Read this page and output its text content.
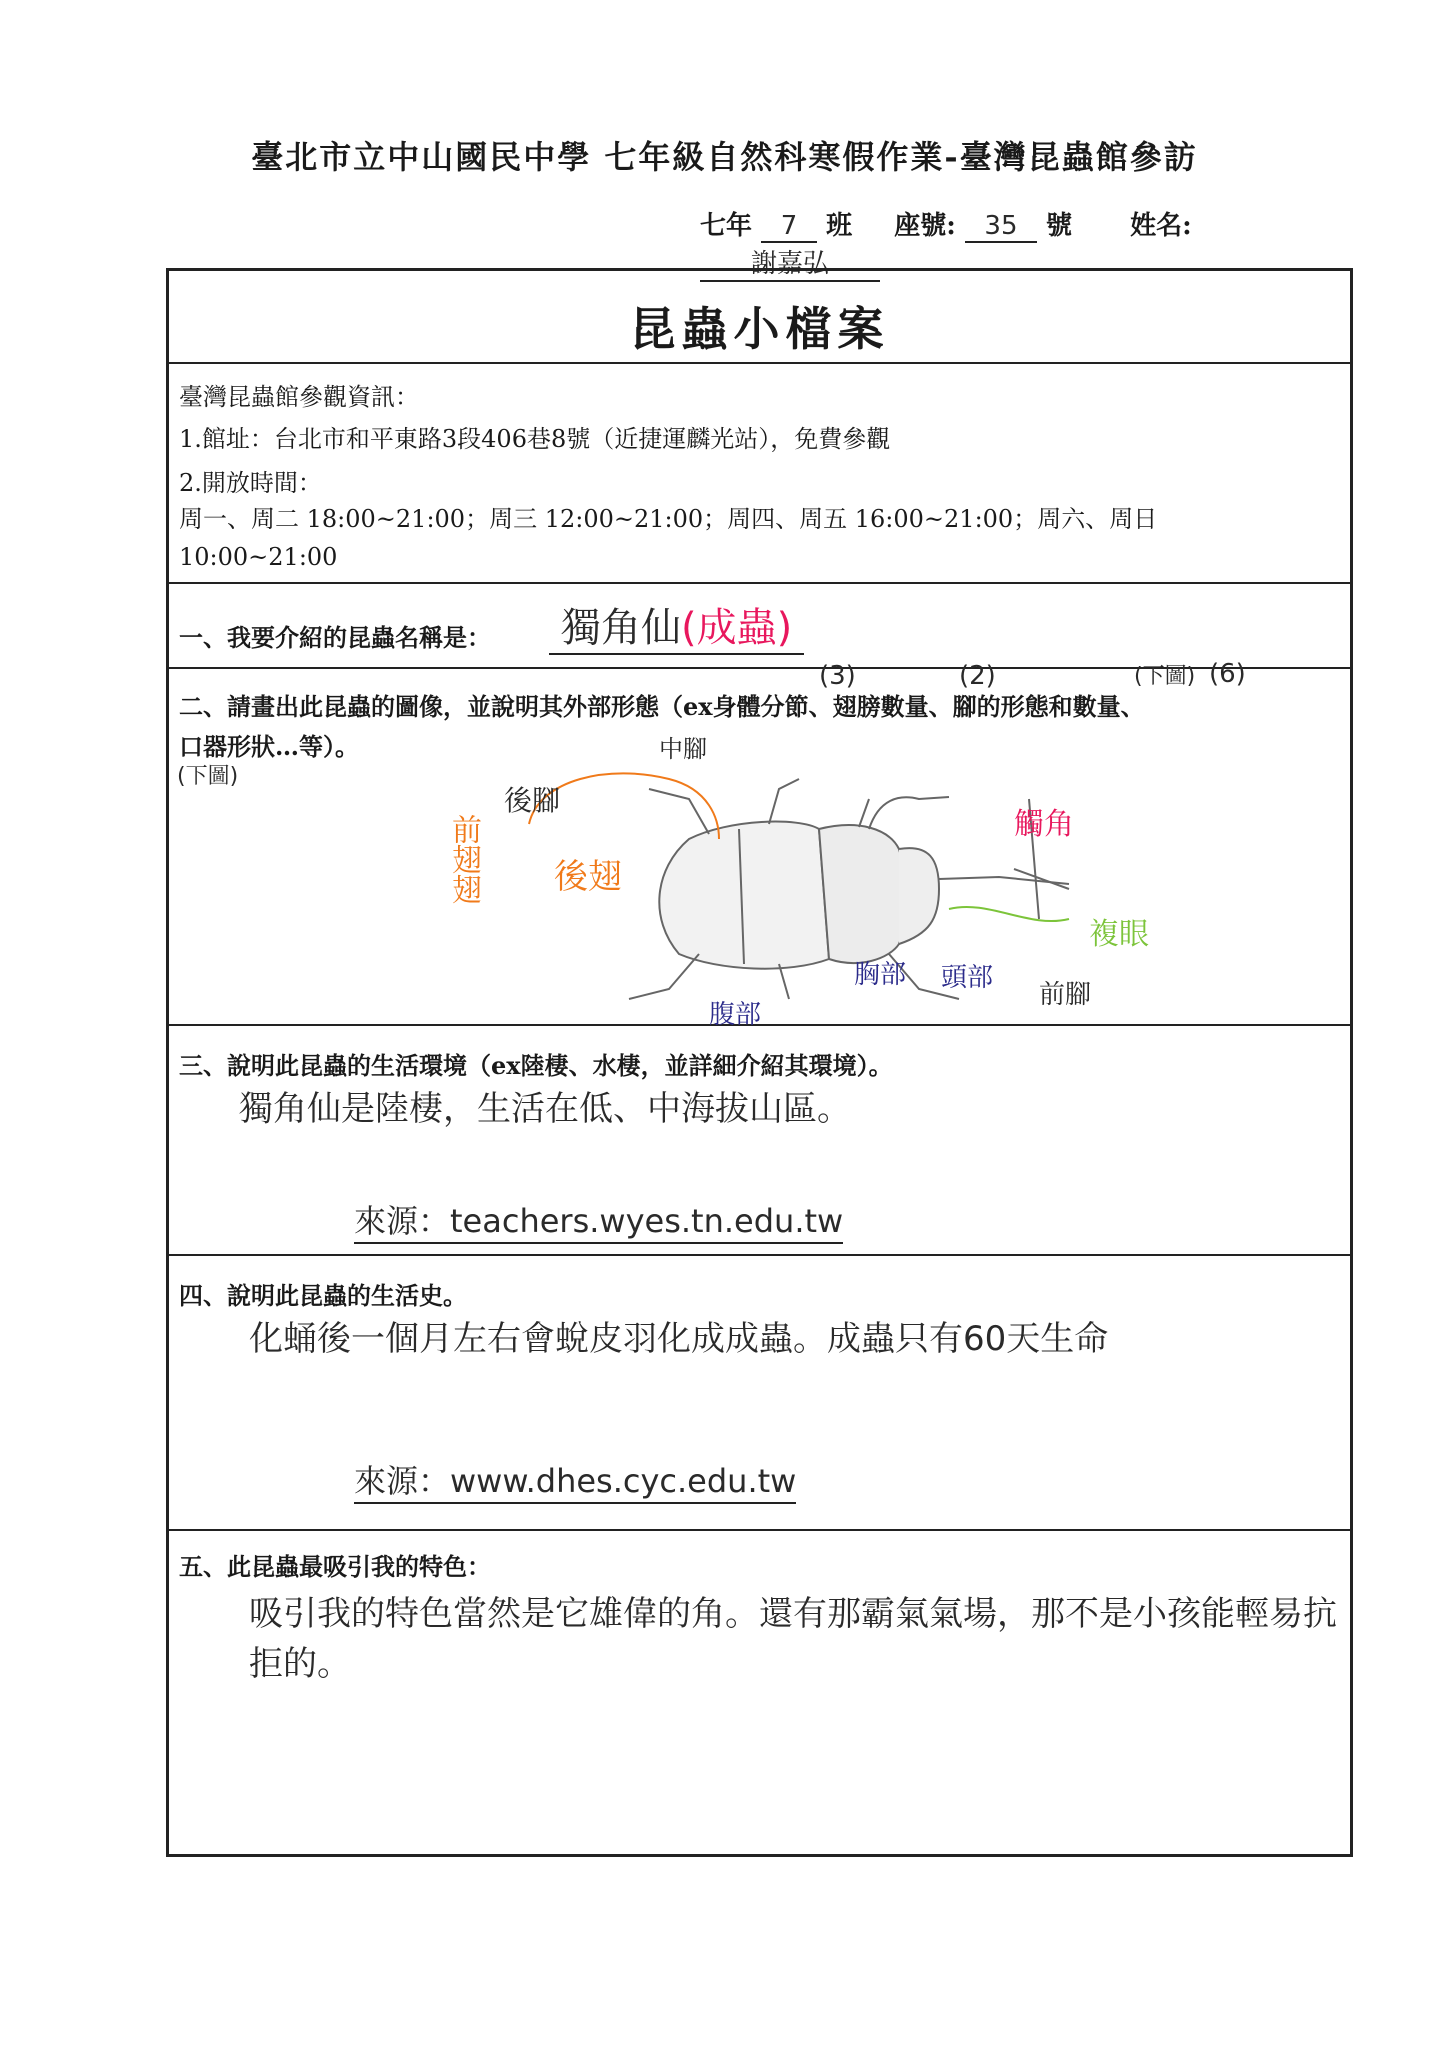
臺北市立中山國民中學 七年級自然科寒假作業-臺灣昆蟲館參訪
七年 7 班 座號: 35 號 姓名: 謝嘉弘
昆蟲小檔案
臺灣昆蟲館參觀資訊：
1.館址：台北市和平東路3段406巷8號（近捷運麟光站），免費參觀
2.開放時間：
周一、周二 18:00~21:00；周三 12:00~21:00；周四、周五 16:00~21:00；周六、周日
10:00~21:00
一、我要介紹的昆蟲名稱是：	獨角仙(成蟲)
二、請畫出此昆蟲的圖像，並說明其外部形態（ex身體分節、翅膀數量、腳的形態和數量、
口器形狀…等）。
(下圖)
(3)	(2)	(下圖) (6)
前翅翅
後腳
中腳
後翅
觸角
複眼
胸部 頭部
腹部
前腳
三、說明此昆蟲的生活環境（ex陸棲、水棲，並詳細介紹其環境）。
獨角仙是陸棲，生活在低、中海拔山區。
來源：teachers.wyes.tn.edu.tw
四、說明此昆蟲的生活史。
化蛹後一個月左右會蛻皮羽化成成蟲。成蟲只有60天生命
來源：www.dhes.cyc.edu.tw
五、此昆蟲最吸引我的特色：
吸引我的特色當然是它雄偉的角。還有那霸氣氣場，那不是小孩能輕易抗
拒的。
